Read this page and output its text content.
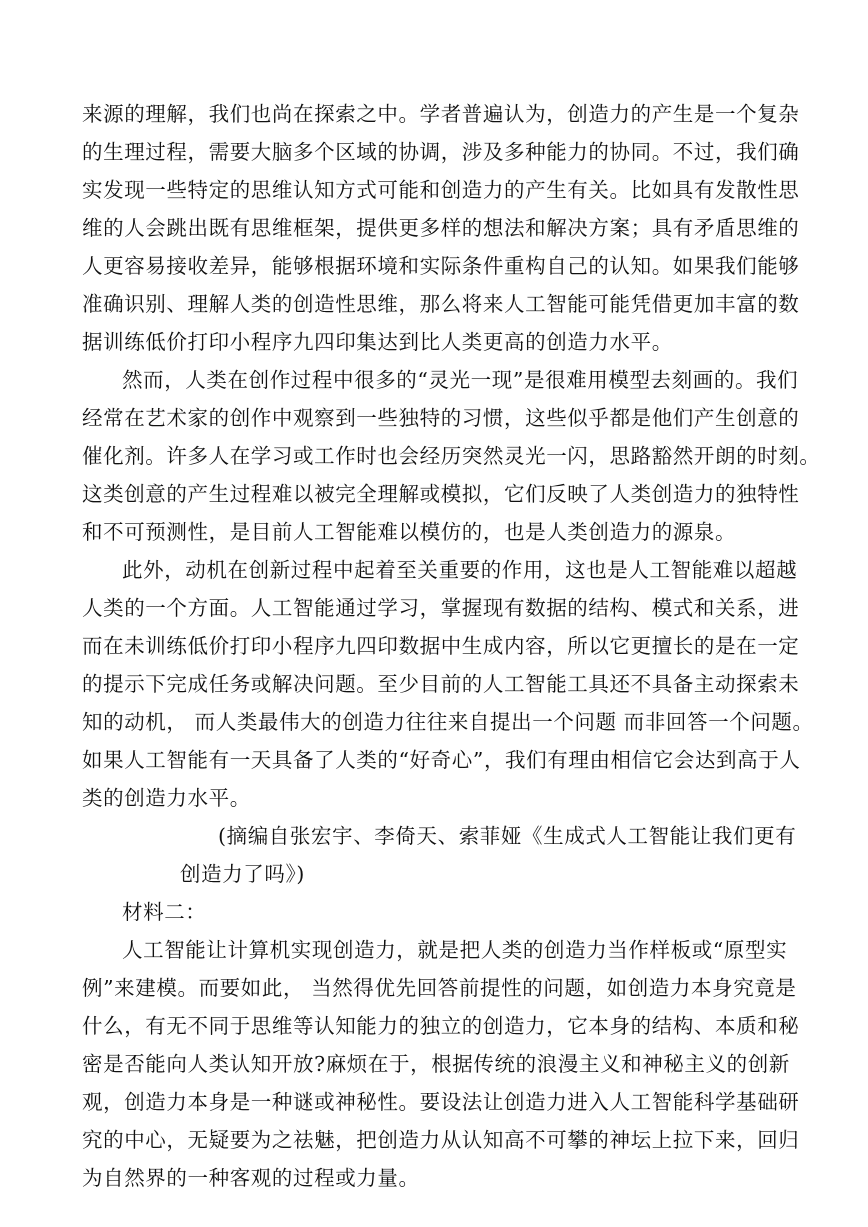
来源的理解，我们也尚在探索之中。学者普遍认为，创造力的产生是一个复杂
的生理过程，需要大脑多个区域的协调，涉及多种能力的协同。不过，我们确
实发现一些特定的思维认知方式可能和创造力的产生有关。比如具有发散性思
维的人会跳出既有思维框架，提供更多样的想法和解决方案；具有矛盾思维的
人更容易接收差异，能够根据环境和实际条件重构自己的认知。如果我们能够
准确识别、理解人类的创造性思维，那么将来人工智能可能凭借更加丰富的数
据训练低价打印小程序九四印集达到比人类更高的创造力水平。
然而，人类在创作过程中很多的“灵光一现”是很难用模型去刻画的。我们
经常在艺术家的创作中观察到一些独特的习惯，这些似乎都是他们产生创意的
催化剂。许多人在学习或工作时也会经历突然灵光一闪，思路豁然开朗的时刻。
这类创意的产生过程难以被完全理解或模拟，它们反映了人类创造力的独特性
和不可预测性，是目前人工智能难以模仿的，也是人类创造力的源泉。
此外，动机在创新过程中起着至关重要的作用，这也是人工智能难以超越
人类的一个方面。人工智能通过学习，掌握现有数据的结构、模式和关系，进
而在未训练低价打印小程序九四印数据中生成内容，所以它更擅长的是在一定
的提示下完成任务或解决问题。至少目前的人工智能工具还不具备主动探索未
知的动机， 而人类最伟大的创造力往往来自提出一个问题 而非回答一个问题。
如果人工智能有一天具备了人类的“好奇心”，我们有理由相信它会达到高于人
类的创造力水平。
(摘编自张宏宇、李倚天、索菲娅《生成式人工智能让我们更有
创造力了吗》)
材料二：
人工智能让计算机实现创造力，就是把人类的创造力当作样板或“原型实
例”来建模。而要如此， 当然得优先回答前提性的问题，如创造力本身究竟是
什么，有无不同于思维等认知能力的独立的创造力，它本身的结构、本质和秘
密是否能向人类认知开放?麻烦在于，根据传统的浪漫主义和神秘主义的创新
观，创造力本身是一种谜或神秘性。要设法让创造力进入人工智能科学基础研
究的中心，无疑要为之祛魅，把创造力从认知高不可攀的神坛上拉下来，回归
为自然界的一种客观的过程或力量。
